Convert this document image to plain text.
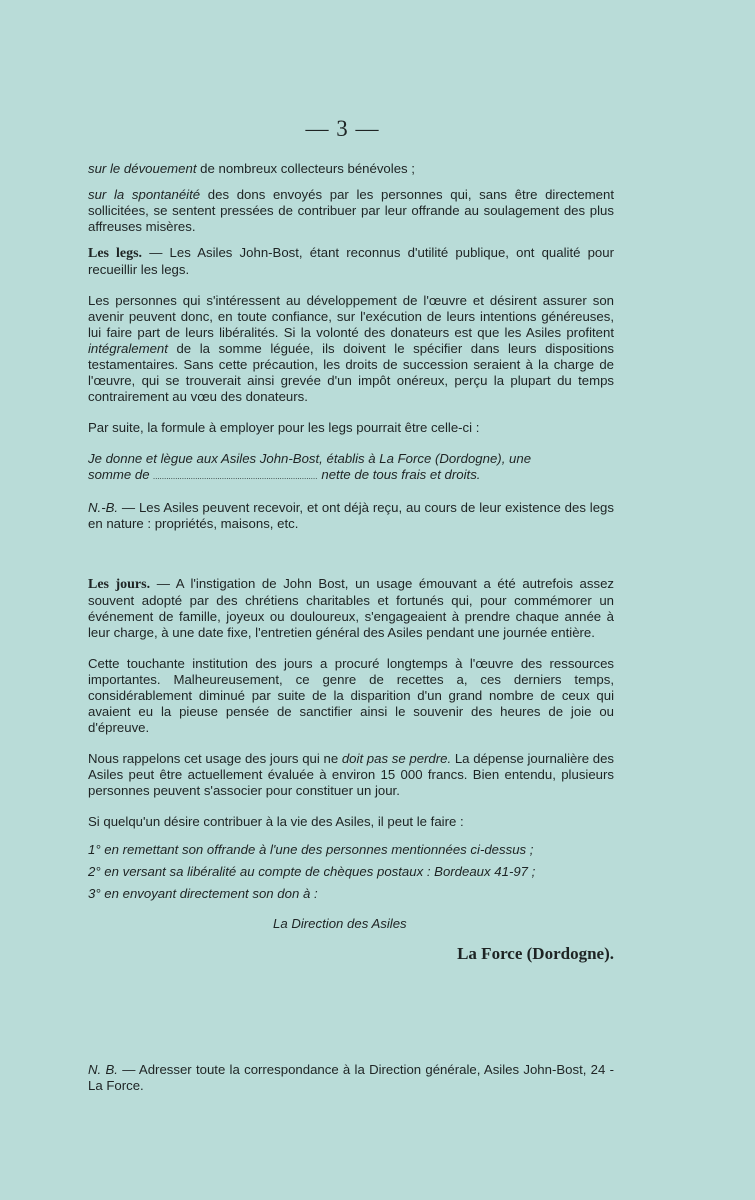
— 3 —

sur le dévouement de nombreux collecteurs bénévoles ;

sur la spontanéité des dons envoyés par les personnes qui, sans être directement sollicitées, se sentent pressées de contribuer par leur offrande au soulagement des plus affreuses misères.

Les legs. — Les Asiles John-Bost, étant reconnus d'utilité publique, ont qualité pour recueillir les legs.

Les personnes qui s'intéressent au développement de l'œuvre et désirent assurer son avenir peuvent donc, en toute confiance, sur l'exécution de leurs intentions généreuses, lui faire part de leurs libéralités. Si la volonté des donateurs est que les Asiles profitent intégralement de la somme léguée, ils doivent le spécifier dans leurs dispositions testamentaires. Sans cette précaution, les droits de succession seraient à la charge de l'œuvre, qui se trouverait ainsi grevée d'un impôt onéreux, perçu la plupart du temps contrairement au vœu des donateurs.

Par suite, la formule à employer pour les legs pourrait être celle-ci :

Je donne et lègue aux Asiles John-Bost, établis à La Force (Dordogne), une
somme de .......................................................................... nette de tous frais et droits.

N.-B. — Les Asiles peuvent recevoir, et ont déjà reçu, au cours de leur existence des legs en nature : propriétés, maisons, etc.

Les jours. — A l'instigation de John Bost, un usage émouvant a été autrefois assez souvent adopté par des chrétiens charitables et fortunés qui, pour commémorer un événement de famille, joyeux ou douloureux, s'engageaient à prendre chaque année à leur charge, à une date fixe, l'entretien général des Asiles pendant une journée entière.

Cette touchante institution des jours a procuré longtemps à l'œuvre des ressources importantes. Malheureusement, ce genre de recettes a, ces derniers temps, considérablement diminué par suite de la disparition d'un grand nombre de ceux qui avaient eu la pieuse pensée de sanctifier ainsi le souvenir des heures de joie ou d'épreuve.

Nous rappelons cet usage des jours qui ne doit pas se perdre. La dépense journalière des Asiles peut être actuellement évaluée à environ 15 000 francs. Bien entendu, plusieurs personnes peuvent s'associer pour constituer un jour.

Si quelqu'un désire contribuer à la vie des Asiles, il peut le faire :

1° en remettant son offrande à l'une des personnes mentionnées ci-dessus ;

2° en versant sa libéralité au compte de chèques postaux : Bordeaux 41-97 ;

3° en envoyant directement son don à :

La Direction des Asiles

La Force (Dordogne).

N. B. — Adresser toute la correspondance à la Direction générale, Asiles John-Bost, 24 - La Force.
